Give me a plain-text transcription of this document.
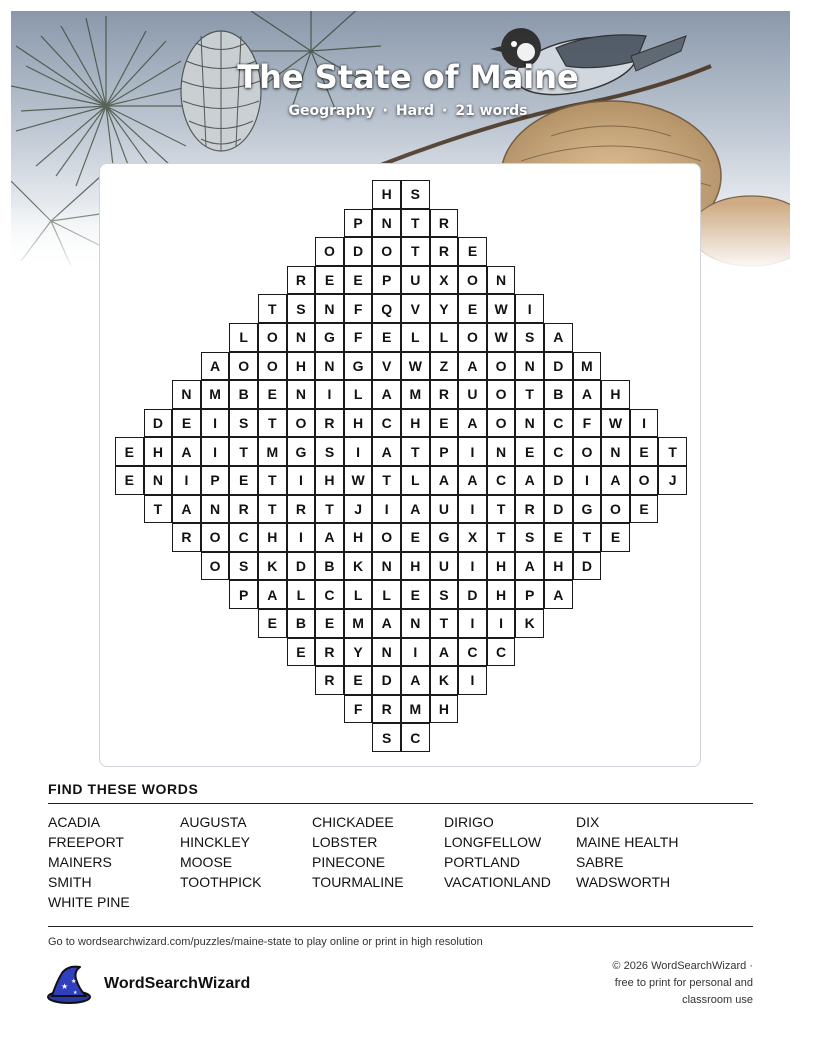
The State of Maine
Geography · Hard · 21 words
H	S
P	N	T	R
O	D	O	T	R	E
R	E	E	P	U	X	O	N
T	S	N	F	Q	V	Y	E	W	I
L	O	N	G	F	E	L	L	O	W	S	A
A	O	O	H	N	G	V	W	Z	A	O	N	D	M
N	M	B	E	N	I	L	A	M	R	U	O	T	B	A	H
D	E	I	S	T	O	R	H	C	H	E	A	O	N	C	F	W	I
E	H	A	I	T	M	G	S	I	A	T	P	I	N	E	C	O	N	E	T
E	N	I	P	E	T	I	H	W	T	L	A	A	C	A	D	I	A	O	J
T	A	N	R	T	R	T	J	I	A	U	I	T	R	D	G	O	E
R	O	C	H	I	A	H	O	E	G	X	T	S	E	T	E
O	S	K	D	B	K	N	H	U	I	H	A	H	D
P	A	L	C	L	L	E	S	D	H	P	A
E	B	E	M	A	N	T	I	I	K
E	R	Y	N	I	A	C	C
R	E	D	A	K	I
F	R	M	H
S	C
FIND THESE WORDS
ACADIA	AUGUSTA	CHICKADEE	DIRIGO	DIX
FREEPORT	HINCKLEY	LOBSTER	LONGFELLOW	MAINE HEALTH
MAINERS	MOOSE	PINECONE	PORTLAND	SABRE
SMITH	TOOTHPICK	TOURMALINE	VACATIONLAND	WADSWORTH
WHITE PINE
Go to wordsearchwizard.com/puzzles/maine-state to play online or print in high resolution
★
★
★
WordSearchWizard
© 2026 WordSearchWizard ·
free to print for personal and
classroom use
